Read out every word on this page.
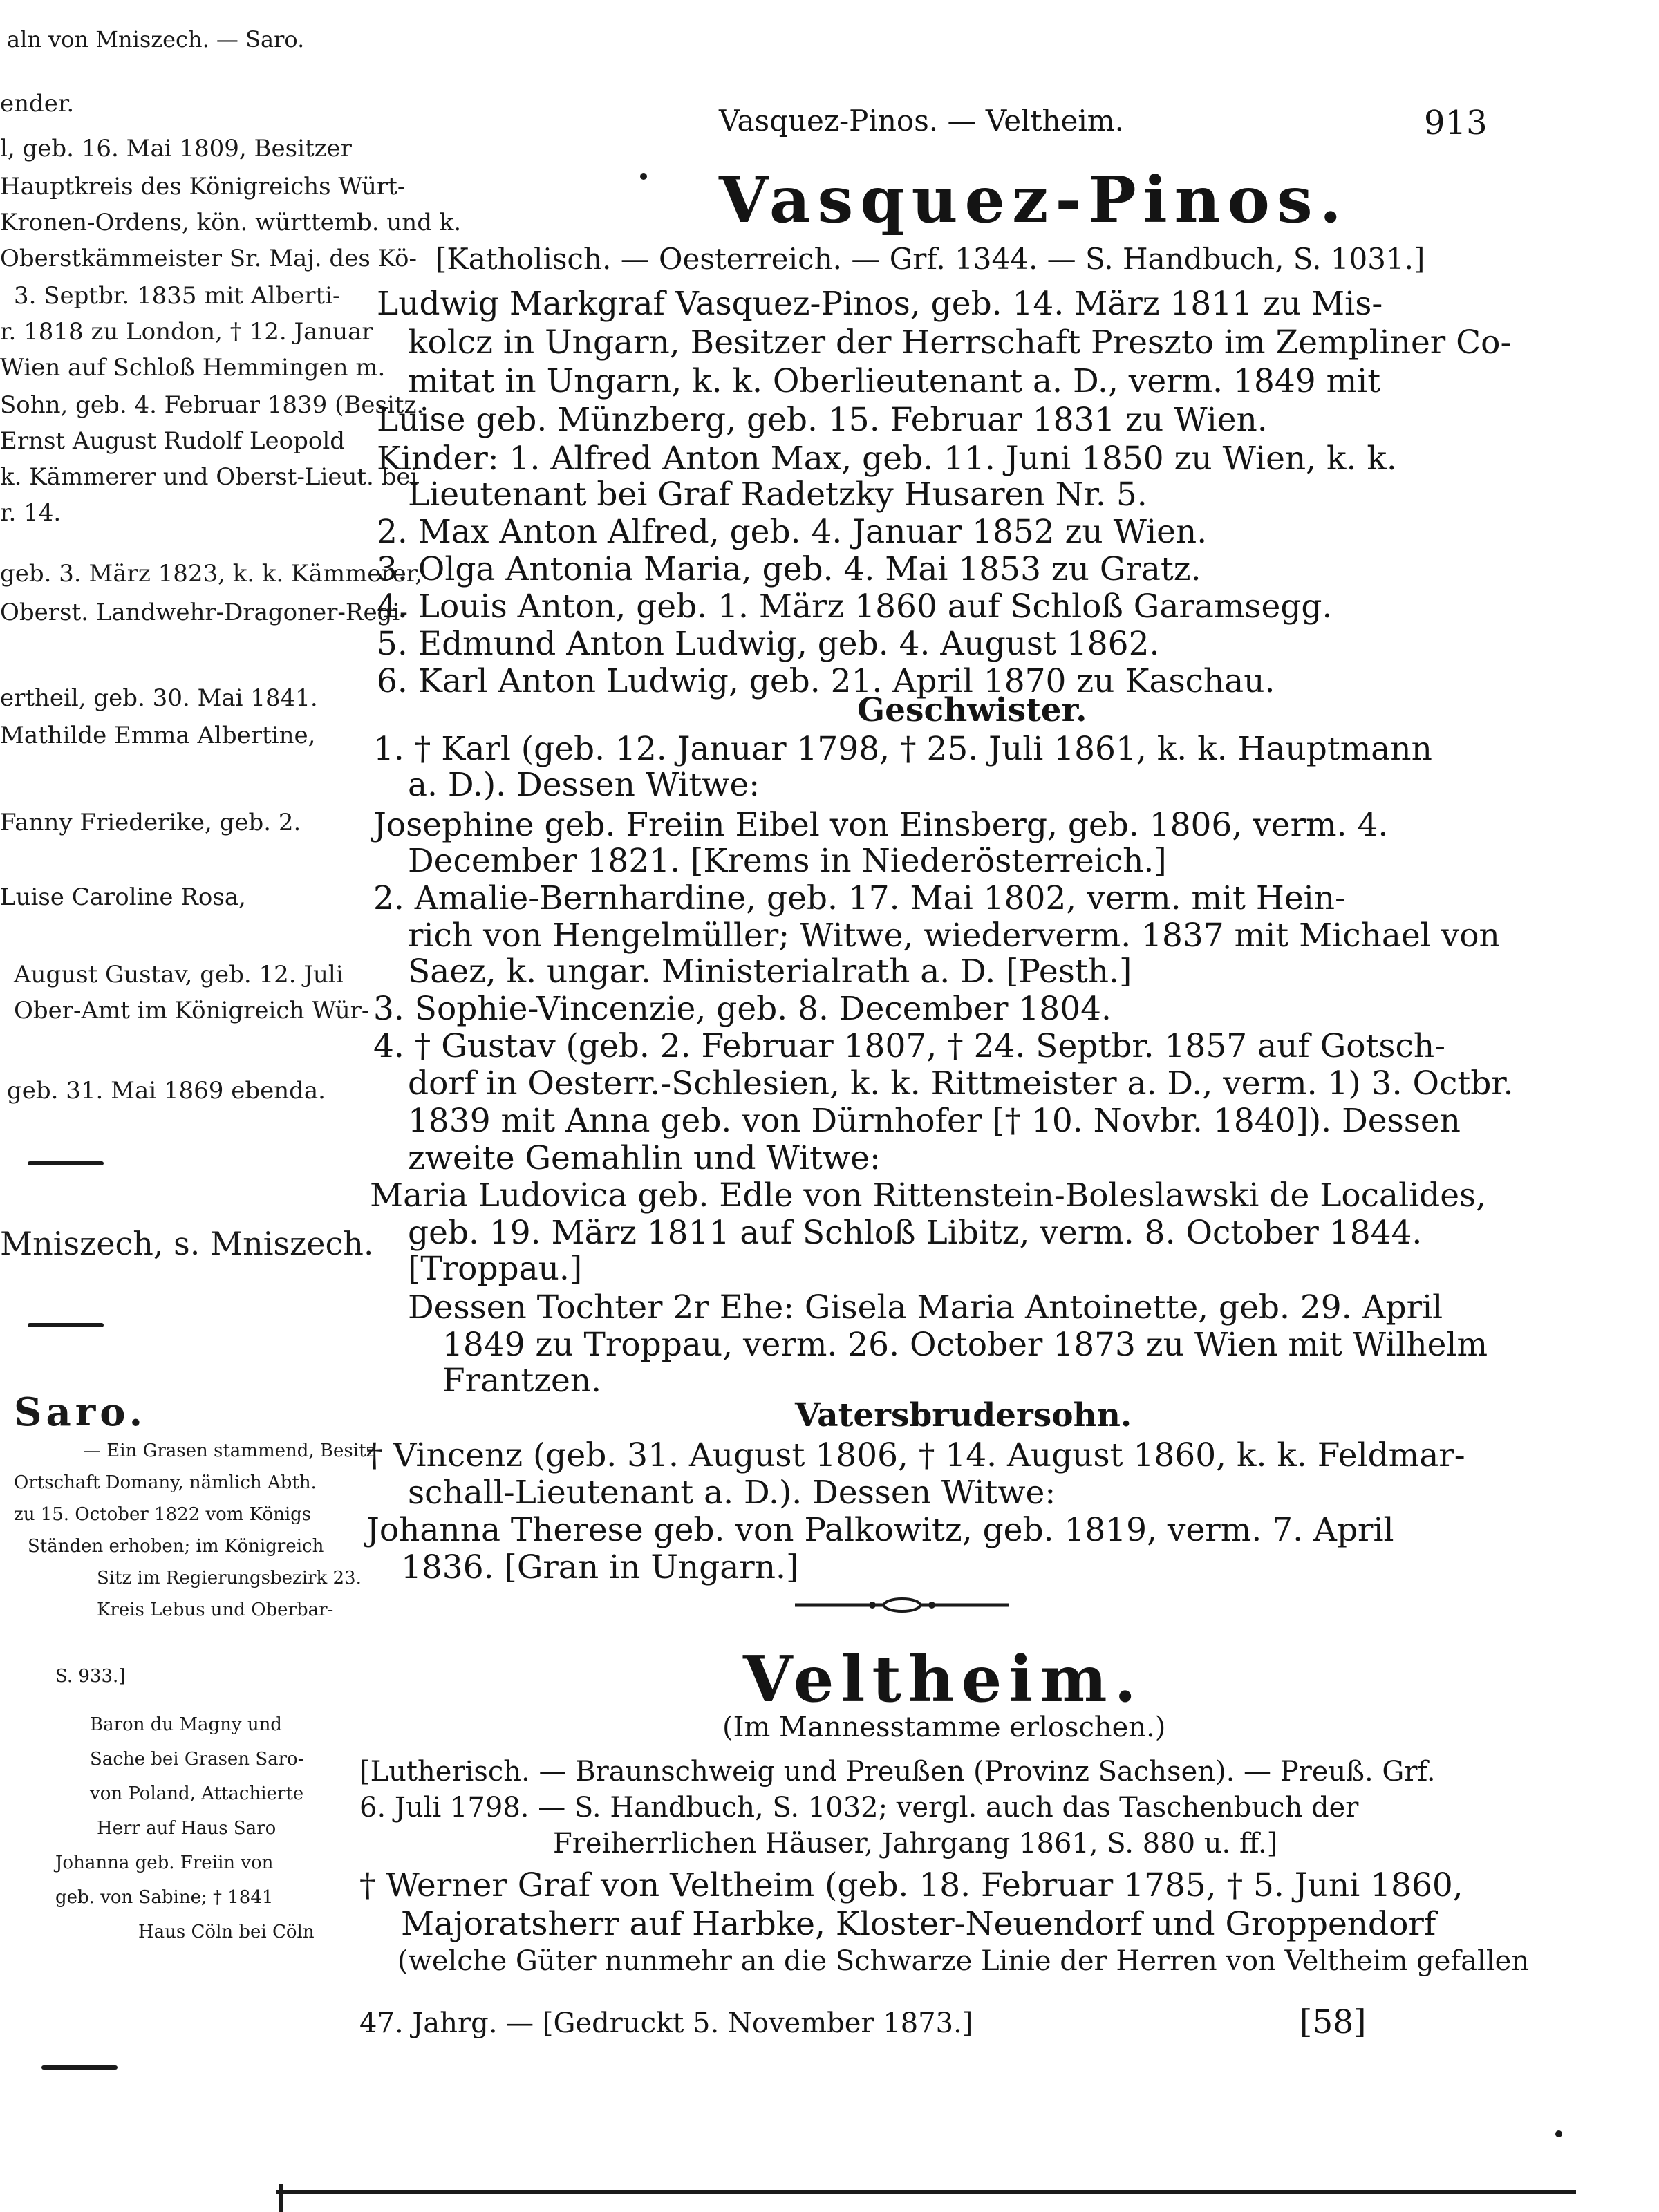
aln von Mniszech. — Saro.
ender.
l, geb. 16. Mai 1809, Besitzer
Hauptkreis des Königreichs Würt-
Kronen-Ordens, kön. württemb. und k.
Oberstkämmeister Sr. Maj. des Kö-
3. Septbr. 1835 mit Alberti-
r. 1818 zu London, † 12. Januar
Wien auf Schloß Hemmingen m.
Sohn, geb. 4. Februar 1839 (Besitz.
Ernst August Rudolf Leopold
k. Kämmerer und Oberst-Lieut. bei
r. 14.
geb. 3. März 1823, k. k. Kämmerer,
Oberst. Landwehr-Dragoner-Regi-
ertheil, geb. 30. Mai 1841.
Mathilde Emma Albertine,
Fanny Friederike, geb. 2.
Luise Caroline Rosa,
August Gustav, geb. 12. Juli
Ober-Amt im Königreich Wür-
geb. 31. Mai 1869 ebenda.
Mniszech, s. Mniszech.
Saro.
— Ein Grasen stammend, Besitz
Ortschaft Domany, nämlich Abth.
zu 15. October 1822 vom Königs
Ständen erhoben; im Königreich
Sitz im Regierungsbezirk 23.
Kreis Lebus und Oberbar-
S. 933.]
Baron du Magny und
Sache bei Grasen Saro-
von Poland, Attachierte
Herr auf Haus Saro
Johanna geb. Freiin von
geb. von Sabine; † 1841
Haus Cöln bei Cöln
Vasquez-Pinos. — Veltheim.	913
Vasquez-Pinos.
[Katholisch. — Oesterreich. — Grf. 1344. — S. Handbuch, S. 1031.]
Ludwig Markgraf Vasquez-Pinos, geb. 14. März 1811 zu Mis-
kolcz in Ungarn, Besitzer der Herrschaft Preszto im Zempliner Co-
mitat in Ungarn, k. k. Oberlieutenant a. D., verm. 1849 mit
Luise geb. Münzberg, geb. 15. Februar 1831 zu Wien.
Kinder: 1. Alfred Anton Max, geb. 11. Juni 1850 zu Wien, k. k.
Lieutenant bei Graf Radetzky Husaren Nr. 5.
2. Max Anton Alfred, geb. 4. Januar 1852 zu Wien.
3. Olga Antonia Maria, geb. 4. Mai 1853 zu Gratz.
4. Louis Anton, geb. 1. März 1860 auf Schloß Garamsegg.
5. Edmund Anton Ludwig, geb. 4. August 1862.
6. Karl Anton Ludwig, geb. 21. April 1870 zu Kaschau.
Geschwister.
1. † Karl (geb. 12. Januar 1798, † 25. Juli 1861, k. k. Hauptmann
a. D.). Dessen Witwe:
Josephine geb. Freiin Eibel von Einsberg, geb. 1806, verm. 4.
December 1821. [Krems in Niederösterreich.]
2. Amalie-Bernhardine, geb. 17. Mai 1802, verm. mit Hein-
rich von Hengelmüller; Witwe, wiederverm. 1837 mit Michael von
Saez, k. ungar. Ministerialrath a. D. [Pesth.]
3. Sophie-Vincenzie, geb. 8. December 1804.
4. † Gustav (geb. 2. Februar 1807, † 24. Septbr. 1857 auf Gotsch-
dorf in Oesterr.-Schlesien, k. k. Rittmeister a. D., verm. 1) 3. Octbr.
1839 mit Anna geb. von Dürnhofer [† 10. Novbr. 1840]). Dessen
zweite Gemahlin und Witwe:
Maria Ludovica geb. Edle von Rittenstein-Boleslawski de Localides,
geb. 19. März 1811 auf Schloß Libitz, verm. 8. October 1844.
[Troppau.]
Dessen Tochter 2r Ehe: Gisela Maria Antoinette, geb. 29. April
1849 zu Troppau, verm. 26. October 1873 zu Wien mit Wilhelm
Frantzen.
Vatersbrudersohn.
† Vincenz (geb. 31. August 1806, † 14. August 1860, k. k. Feldmar-
schall-Lieutenant a. D.). Dessen Witwe:
Johanna Therese geb. von Palkowitz, geb. 1819, verm. 7. April
1836. [Gran in Ungarn.]
Veltheim.
(Im Mannesstamme erloschen.)
[Lutherisch. — Braunschweig und Preußen (Provinz Sachsen). — Preuß. Grf.
6. Juli 1798. — S. Handbuch, S. 1032; vergl. auch das Taschenbuch der
Freiherrlichen Häuser, Jahrgang 1861, S. 880 u. ff.]
† Werner Graf von Veltheim (geb. 18. Februar 1785, † 5. Juni 1860,
Majoratsherr auf Harbke, Kloster-Neuendorf und Groppendorf
(welche Güter nunmehr an die Schwarze Linie der Herren von Veltheim gefallen
47. Jahrg. — [Gedruckt 5. November 1873.]	[58]
